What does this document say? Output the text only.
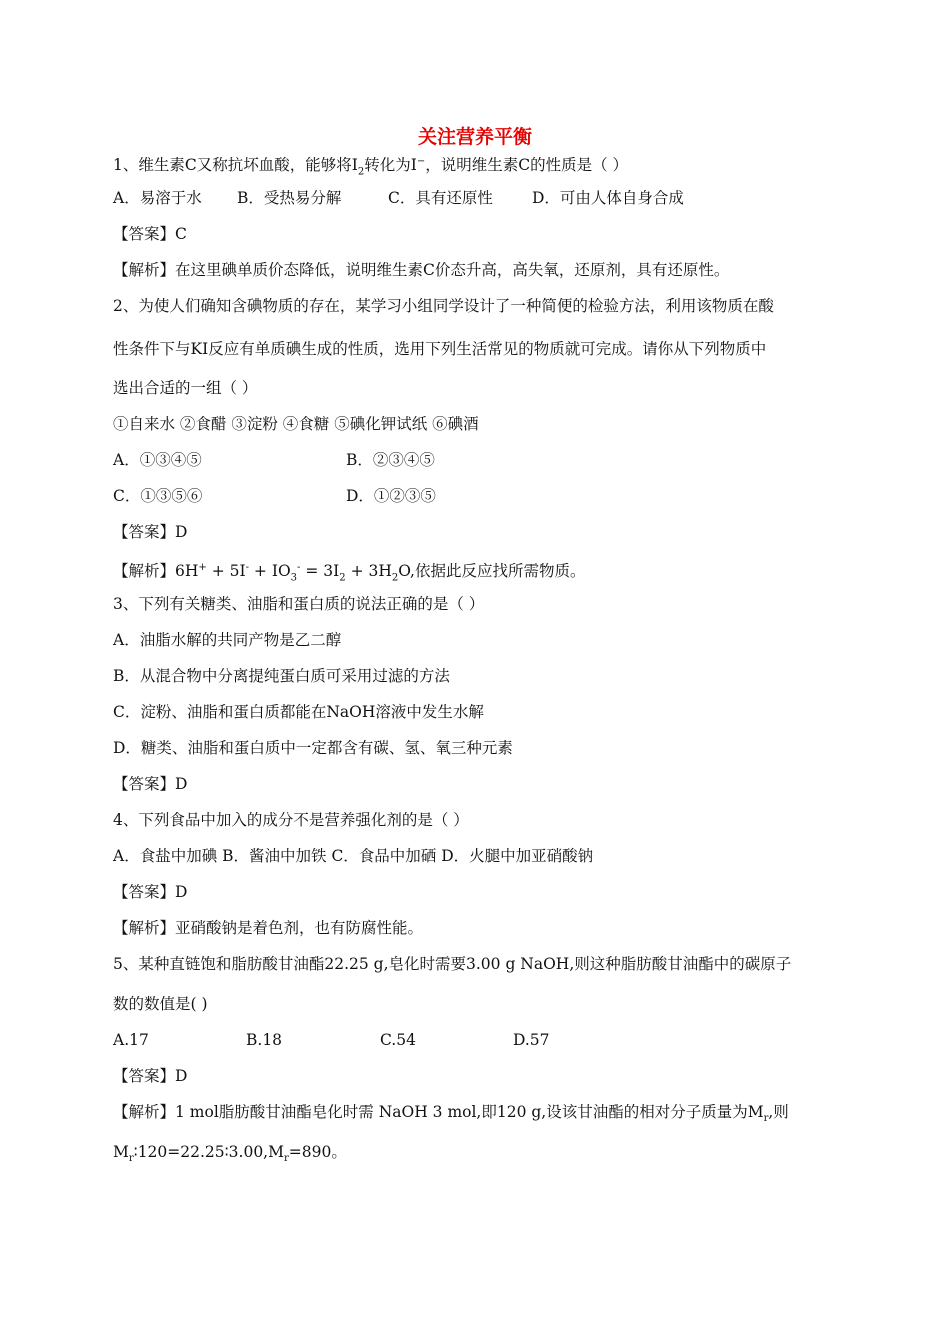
关注营养平衡
1、维生素C又称抗坏血酸，能够将$I_2$转化为I−，说明维生素C的性质是（ ）
A．易溶于水 B．受热易分解	C．具有还原性	D．可由人体自身合成
【答案】C
【解析】在这里碘单质价态降低，说明维生素C价态升高，高失氧，还原剂，具有还原性。
2、为使人们确知含碘物质的存在，某学习小组同学设计了一种简便的检验方法，利用该物质在酸
性条件下与KI反应有单质碘生成的性质，选用下列生活常见的物质就可完成。请你从下列物质中
选出合适的一组（ ）
①自来水 ②食醋 ③淀粉 ④食糖 ⑤碘化钾试纸 ⑥碘酒
A．①③④⑤	B．②③④⑤
C．①③⑤⑥	D．①②③⑤
【答案】D
【解析】$6H^+ + 5I^- + IO_3^- = 3I_2 + 3H_2O$,依据此反应找所需物质。
3、下列有关糖类、油脂和蛋白质的说法正确的是（ ）
A．油脂水解的共同产物是乙二醇
B．从混合物中分离提纯蛋白质可采用过滤的方法
C．淀粉、油脂和蛋白质都能在NaOH溶液中发生水解
D．糖类、油脂和蛋白质中一定都含有碳、氢、氧三种元素
【答案】D
4、下列食品中加入的成分不是营养强化剂的是（ ）
A．食盐中加碘 B．酱油中加铁 C．食品中加硒 D．火腿中加亚硝酸钠
【答案】D
【解析】亚硝酸钠是着色剂，也有防腐性能。
5、某种直链饱和脂肪酸甘油酯22.25 g,皂化时需要3.00 g NaOH,则这种脂肪酸甘油酯中的碳原子
数的数值是( )
A.17	B.18	C.54	D.57
【答案】D
【解析】1 mol脂肪酸甘油酯皂化时需 NaOH 3 mol,即120 g,设该甘油酯的相对分子质量为$M_r$,则
$M_r∶120=22.25∶3.00,M_r=890$。
